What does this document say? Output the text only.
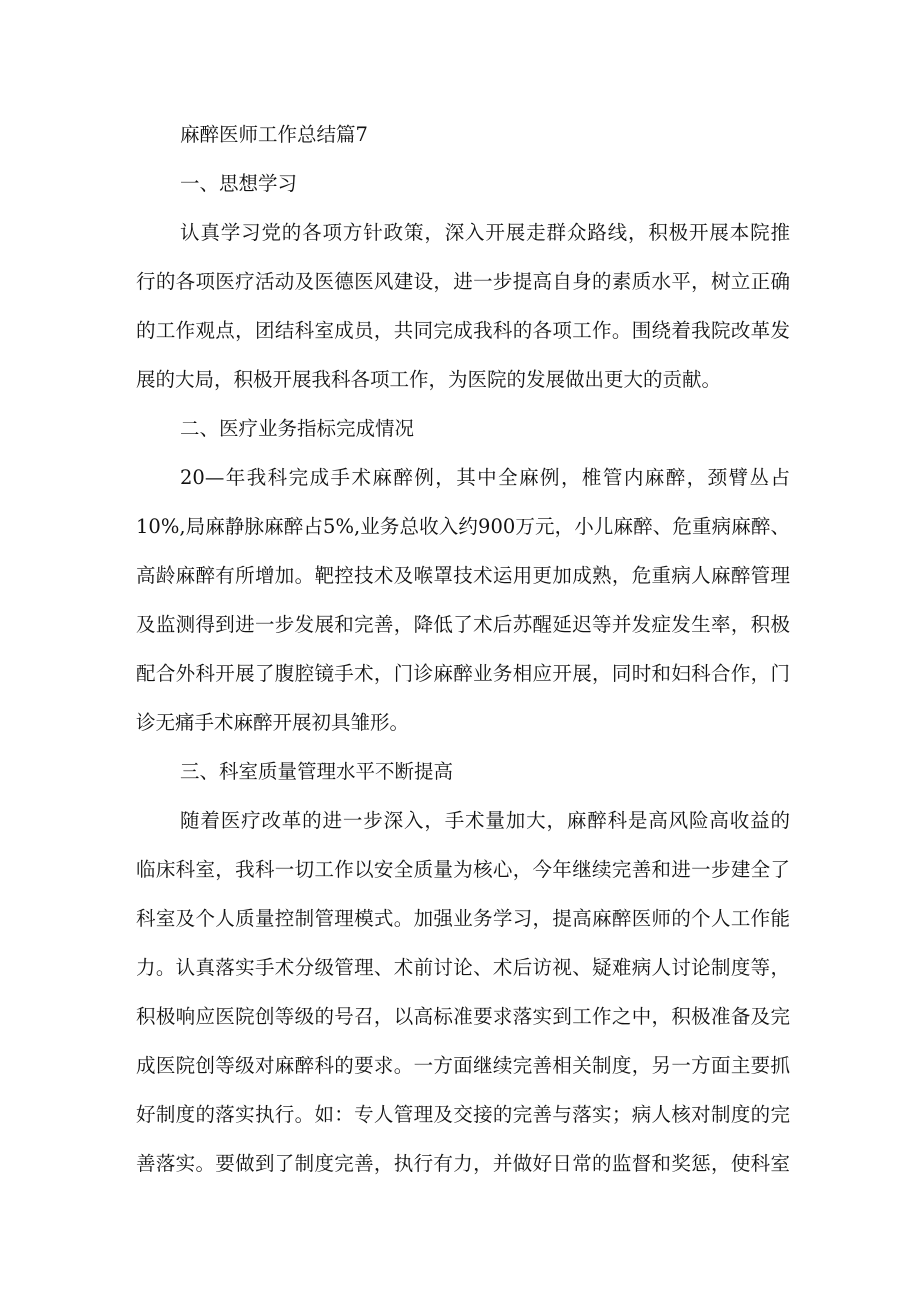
麻醉医师工作总结篇7
一、思想学习
认真学习党的各项方针政策，深入开展走群众路线，积极开展本院推
行的各项医疗活动及医德医风建设，进一步提高自身的素质水平，树立正确
的工作观点，团结科室成员，共同完成我科的各项工作。围绕着我院改革发
展的大局，积极开展我科各项工作，为医院的发展做出更大的贡献。
二、医疗业务指标完成情况
20—年我科完成手术麻醉例，其中全麻例，椎管内麻醉，颈臂丛占
10%,局麻静脉麻醉占5%,业务总收入约900万元，小儿麻醉、危重病麻醉、
高龄麻醉有所增加。靶控技术及喉罩技术运用更加成熟，危重病人麻醉管理
及监测得到进一步发展和完善，降低了术后苏醒延迟等并发症发生率，积极
配合外科开展了腹腔镜手术，门诊麻醉业务相应开展，同时和妇科合作，门
诊无痛手术麻醉开展初具雏形。
三、科室质量管理水平不断提高
随着医疗改革的进一步深入，手术量加大，麻醉科是高风险高收益的
临床科室，我科一切工作以安全质量为核心，今年继续完善和进一步建全了
科室及个人质量控制管理模式。加强业务学习，提高麻醉医师的个人工作能
力。认真落实手术分级管理、术前讨论、术后访视、疑难病人讨论制度等，
积极响应医院创等级的号召，以高标准要求落实到工作之中，积极准备及完
成医院创等级对麻醉科的要求。一方面继续完善相关制度，另一方面主要抓
好制度的落实执行。如：专人管理及交接的完善与落实；病人核对制度的完
善落实。要做到了制度完善，执行有力，并做好日常的监督和奖惩，使科室
